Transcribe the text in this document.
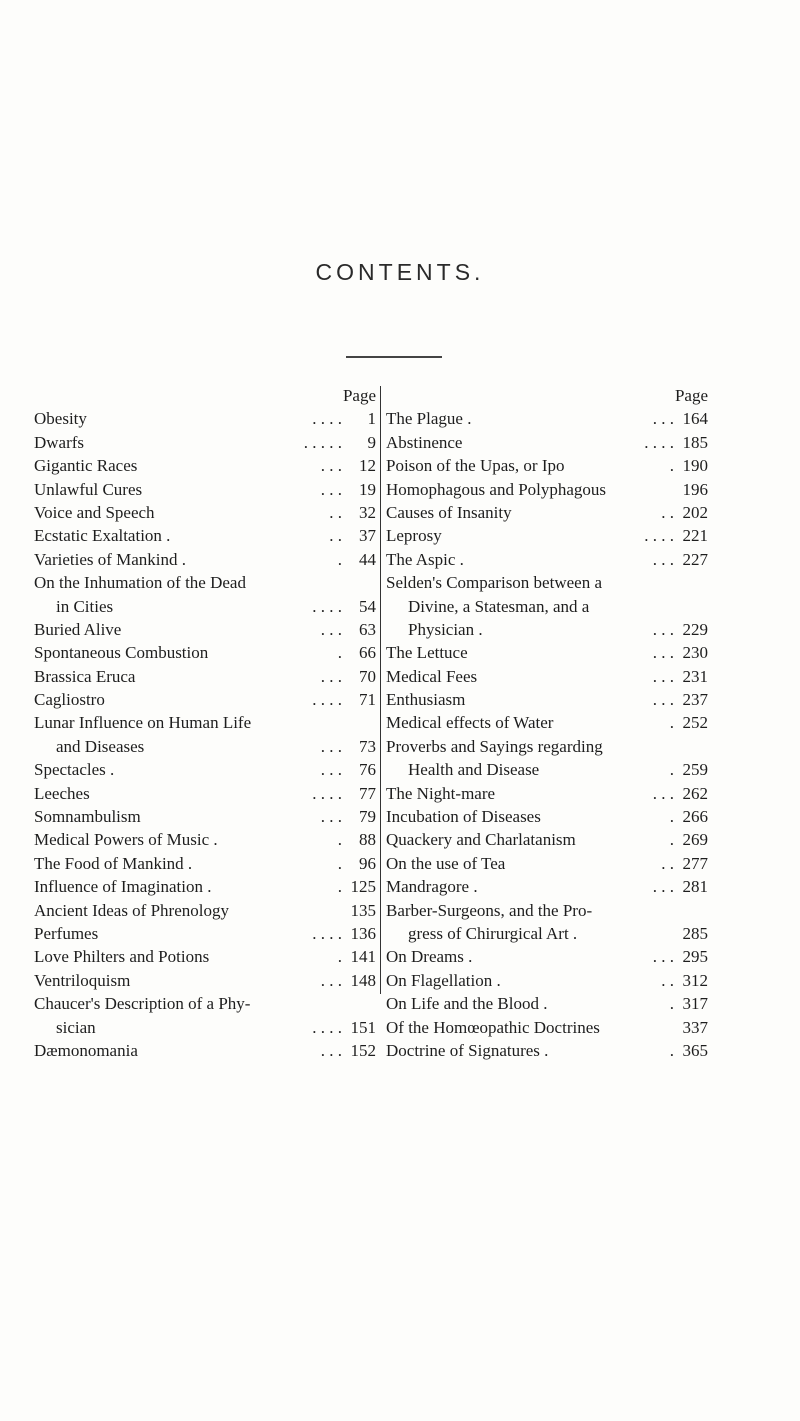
CONTENTS.
Page
Obesity	. . . .	1
Dwarfs	. . . . .	9
Gigantic Races	. . .	12
Unlawful Cures	. . .	19
Voice and Speech	. .	32
Ecstatic Exaltation .	. .	37
Varieties of Mankind .	.	44
On the Inhumation of the Dead
in Cities	. . . .	54
Buried Alive	. . .	63
Spontaneous Combustion	.	66
Brassica Eruca	. . .	70
Cagliostro	. . . .	71
Lunar Influence on Human Life
and Diseases	. . .	73
Spectacles .	. . .	76
Leeches	. . . .	77
Somnambulism	. . .	79
Medical Powers of Music .	.	88
The Food of Mankind .	.	96
Influence of Imagination .	. 125
Ancient Ideas of Phrenology	135
Perfumes	. . . . 136
Love Philters and Potions	. 141
Ventriloquism	. . . 148
Chaucer's Description of a Phy-
sician	. . . . 151
Dæmonomania	. . . 152
Page
The Plague .	. . . 164
Abstinence	. . . . 185
Poison of the Upas, or Ipo	. 190
Homophagous and Polyphagous	196
Causes of Insanity	. . 202
Leprosy	. . . . 221
The Aspic .	. . . 227
Selden's Comparison between a
Divine, a Statesman, and a
Physician .	. . . 229
The Lettuce	. . . 230
Medical Fees	. . . 231
Enthusiasm	. . . 237
Medical effects of Water	. 252
Proverbs and Sayings regarding
Health and Disease	. 259
The Night-mare	. . . 262
Incubation of Diseases	. 266
Quackery and Charlatanism	. 269
On the use of Tea	. . 277
Mandragore .	. . . 281
Barber-Surgeons, and the Pro-
gress of Chirurgical Art .	285
On Dreams .	. . . 295
On Flagellation .	. . 312
On Life and the Blood .	. 317
Of the Homœopathic Doctrines	337
Doctrine of Signatures .	. 365
